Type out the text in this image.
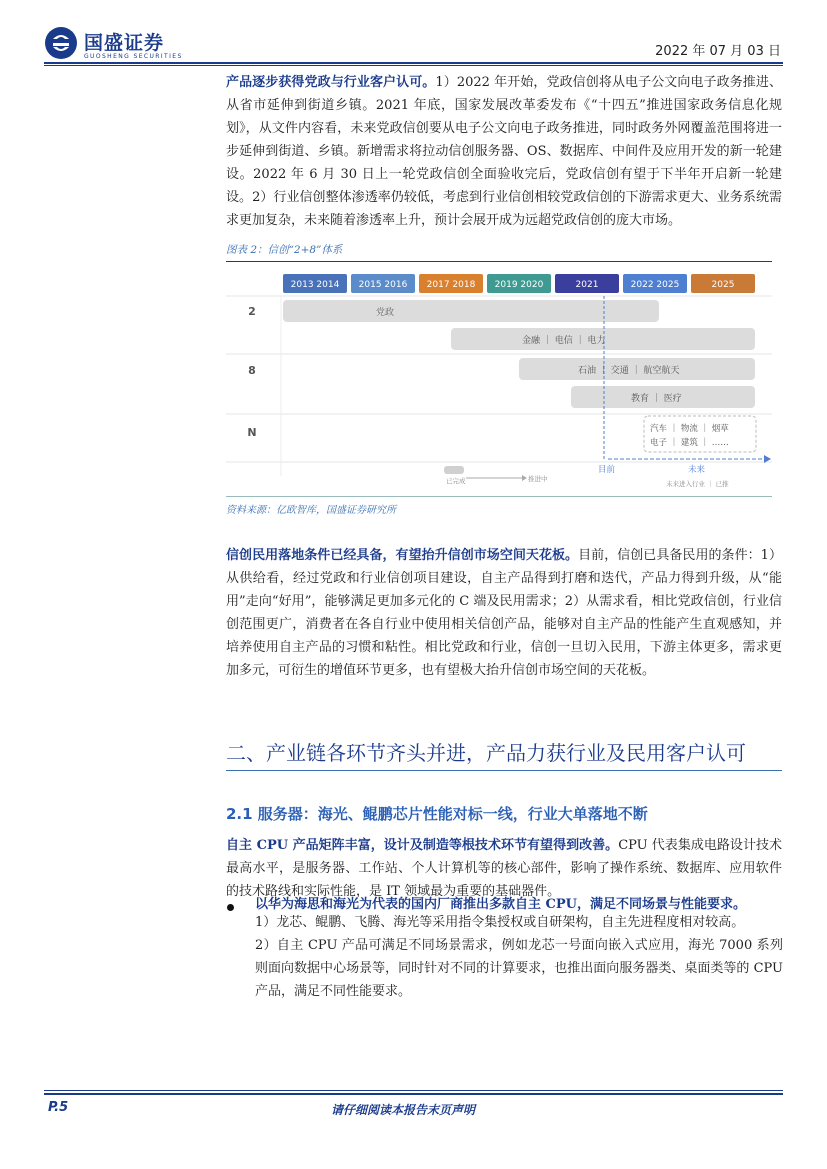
国盛证券
GUOSHENG SECURITIES	2022 年 07 月 03 日
产品逐步获得党政与行业客户认可。1）2022 年开始，党政信创将从电子公文向电子政务推进、从省市延伸到街道乡镇。2021 年底，国家发展改革委发布《“十四五”推进国家政务信息化规划》，从文件内容看，未来党政信创要从电子公文向电子政务推进，同时政务外网覆盖范围将进一步延伸到街道、乡镇。新增需求将拉动信创服务器、OS、数据库、中间件及应用开发的新一轮建设。2022 年 6 月 30 日上一轮党政信创全面验收完后，党政信创有望于下半年开启新一轮建设。2）行业信创整体渗透率仍较低，考虑到行业信创相较党政信创的下游需求更大、业务系统需求更加复杂，未来随着渗透率上升，预计会展开成为远超党政信创的庞大市场。
图表 2：信创“2+8”体系
2013 2014 2015 2016 2017 2018 2019 2020	2021	2022 2025	2025
2
8
N
党政
金融 ｜ 电信 ｜ 电力
石油 ｜ 交通 ｜ 航空航天
教育 ｜ 医疗
汽车 ｜ 物流 ｜ 烟草
电子 ｜ 建筑 ｜ ……
目前	未来
已完成	推进中
未来进入行业 ｜ 已推
资料来源：亿欧智库，国盛证券研究所
信创民用落地条件已经具备，有望抬升信创市场空间天花板。目前，信创已具备民用的条件：1）从供给看，经过党政和行业信创项目建设，自主产品得到打磨和迭代，产品力得到升级，从“能用”走向“好用”，能够满足更加多元化的 C 端及民用需求；2）从需求看，相比党政信创，行业信创范围更广，消费者在各自行业中使用相关信创产品，能够对自主产品的性能产生直观感知，并培养使用自主产品的习惯和粘性。相比党政和行业，信创一旦切入民用，下游主体更多，需求更加多元，可衍生的增值环节更多，也有望极大抬升信创市场空间的天花板。
二、产业链各环节齐头并进，产品力获行业及民用客户认可
2.1 服务器：海光、鲲鹏芯片性能对标一线，行业大单落地不断
自主 CPU 产品矩阵丰富，设计及制造等根技术环节有望得到改善。CPU 代表集成电路设计技术最高水平，是服务器、工作站、个人计算机等的核心部件，影响了操作系统、数据库、应用软件的技术路线和实际性能，是 IT 领域最为重要的基础器件。
以华为海思和海光为代表的国内厂商推出多款自主 CPU，满足不同场景与性能要求。
1）龙芯、鲲鹏、飞腾、海光等采用指令集授权或自研架构，自主先进程度相对较高。
2）自主 CPU 产品可满足不同场景需求，例如龙芯一号面向嵌入式应用，海光 7000 系列则面向数据中心场景等，同时针对不同的计算要求，也推出面向服务器类、桌面类等的 CPU 产品，满足不同性能要求。
P.5	请仔细阅读本报告末页声明
